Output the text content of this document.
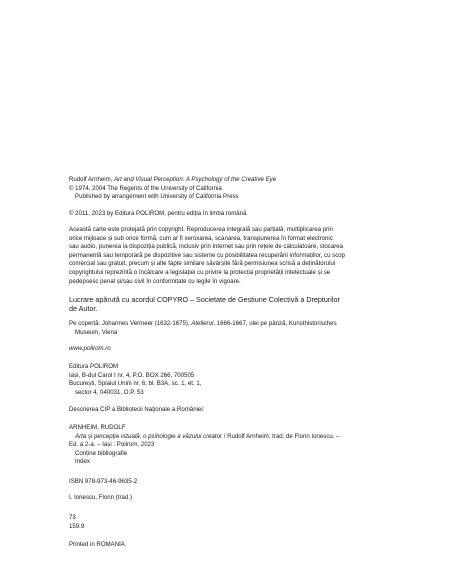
Rudolf Arnheim, Art and Visual Perception: A Psychology of the Creative Eye
© 1974, 2004 The Regents of the University of California
Published by arrangement with University of California Press
© 2011, 2023 by Editura POLIROM, pentru ediția în limba română
Această carte este protejată prin copyright. Reproducerea integrală sau parțială, multiplicarea prin
orice mijloace și sub orice formă, cum ar fi xeroxarea, scanarea, transpunerea în format electronic
sau audio, punerea la dispoziția publică, inclusiv prin internet sau prin rețele de calculatoare, stocarea
permanentă sau temporară pe dispozitive sau sisteme cu posibilitatea recuperării informațiilor, cu scop
comercial sau gratuit, precum și alte fapte similare săvârșite fără permisiunea scrisă a deținătorului
copyrightului reprezintă o încălcare a legislației cu privire la protecția proprietății intelectuale și se
pedepsesc penal și/sau civil în conformitate cu legile în vigoare.
Lucrare apărută cu acordul COPYRO – Societate de Gestiune Colectivă a Drepturilor
de Autor.
Pe copertă: Johannes Vermeer (1632-1675), Atelierul, 1666-1667, ulei pe pânză, Kunsthistorisches
Museum, Viena
www.polirom.ro
Editura POLIROM
Iași, B-dul Carol I nr. 4, P.O. BOX 266, 700505
București, Splaiul Unirii nr. 6, bl. B3A, sc. 1, et. 1,
sector 4, 040031, O.P. 53
Descrierea CIP a Bibliotecii Naționale a României:
ARNHEIM, RUDOLF
Arta și percepția vizuală: o psihologie a văzului creator / Rudolf Arnheim; trad. de Florin Ionescu. –
Ed. a 2-a. – Iași : Polirom, 2023
Conține bibliografie
Index
ISBN 978-973-46-9635-2
I. Ionescu, Florin (trad.)
73
159.9
Printed in ROMANIA
